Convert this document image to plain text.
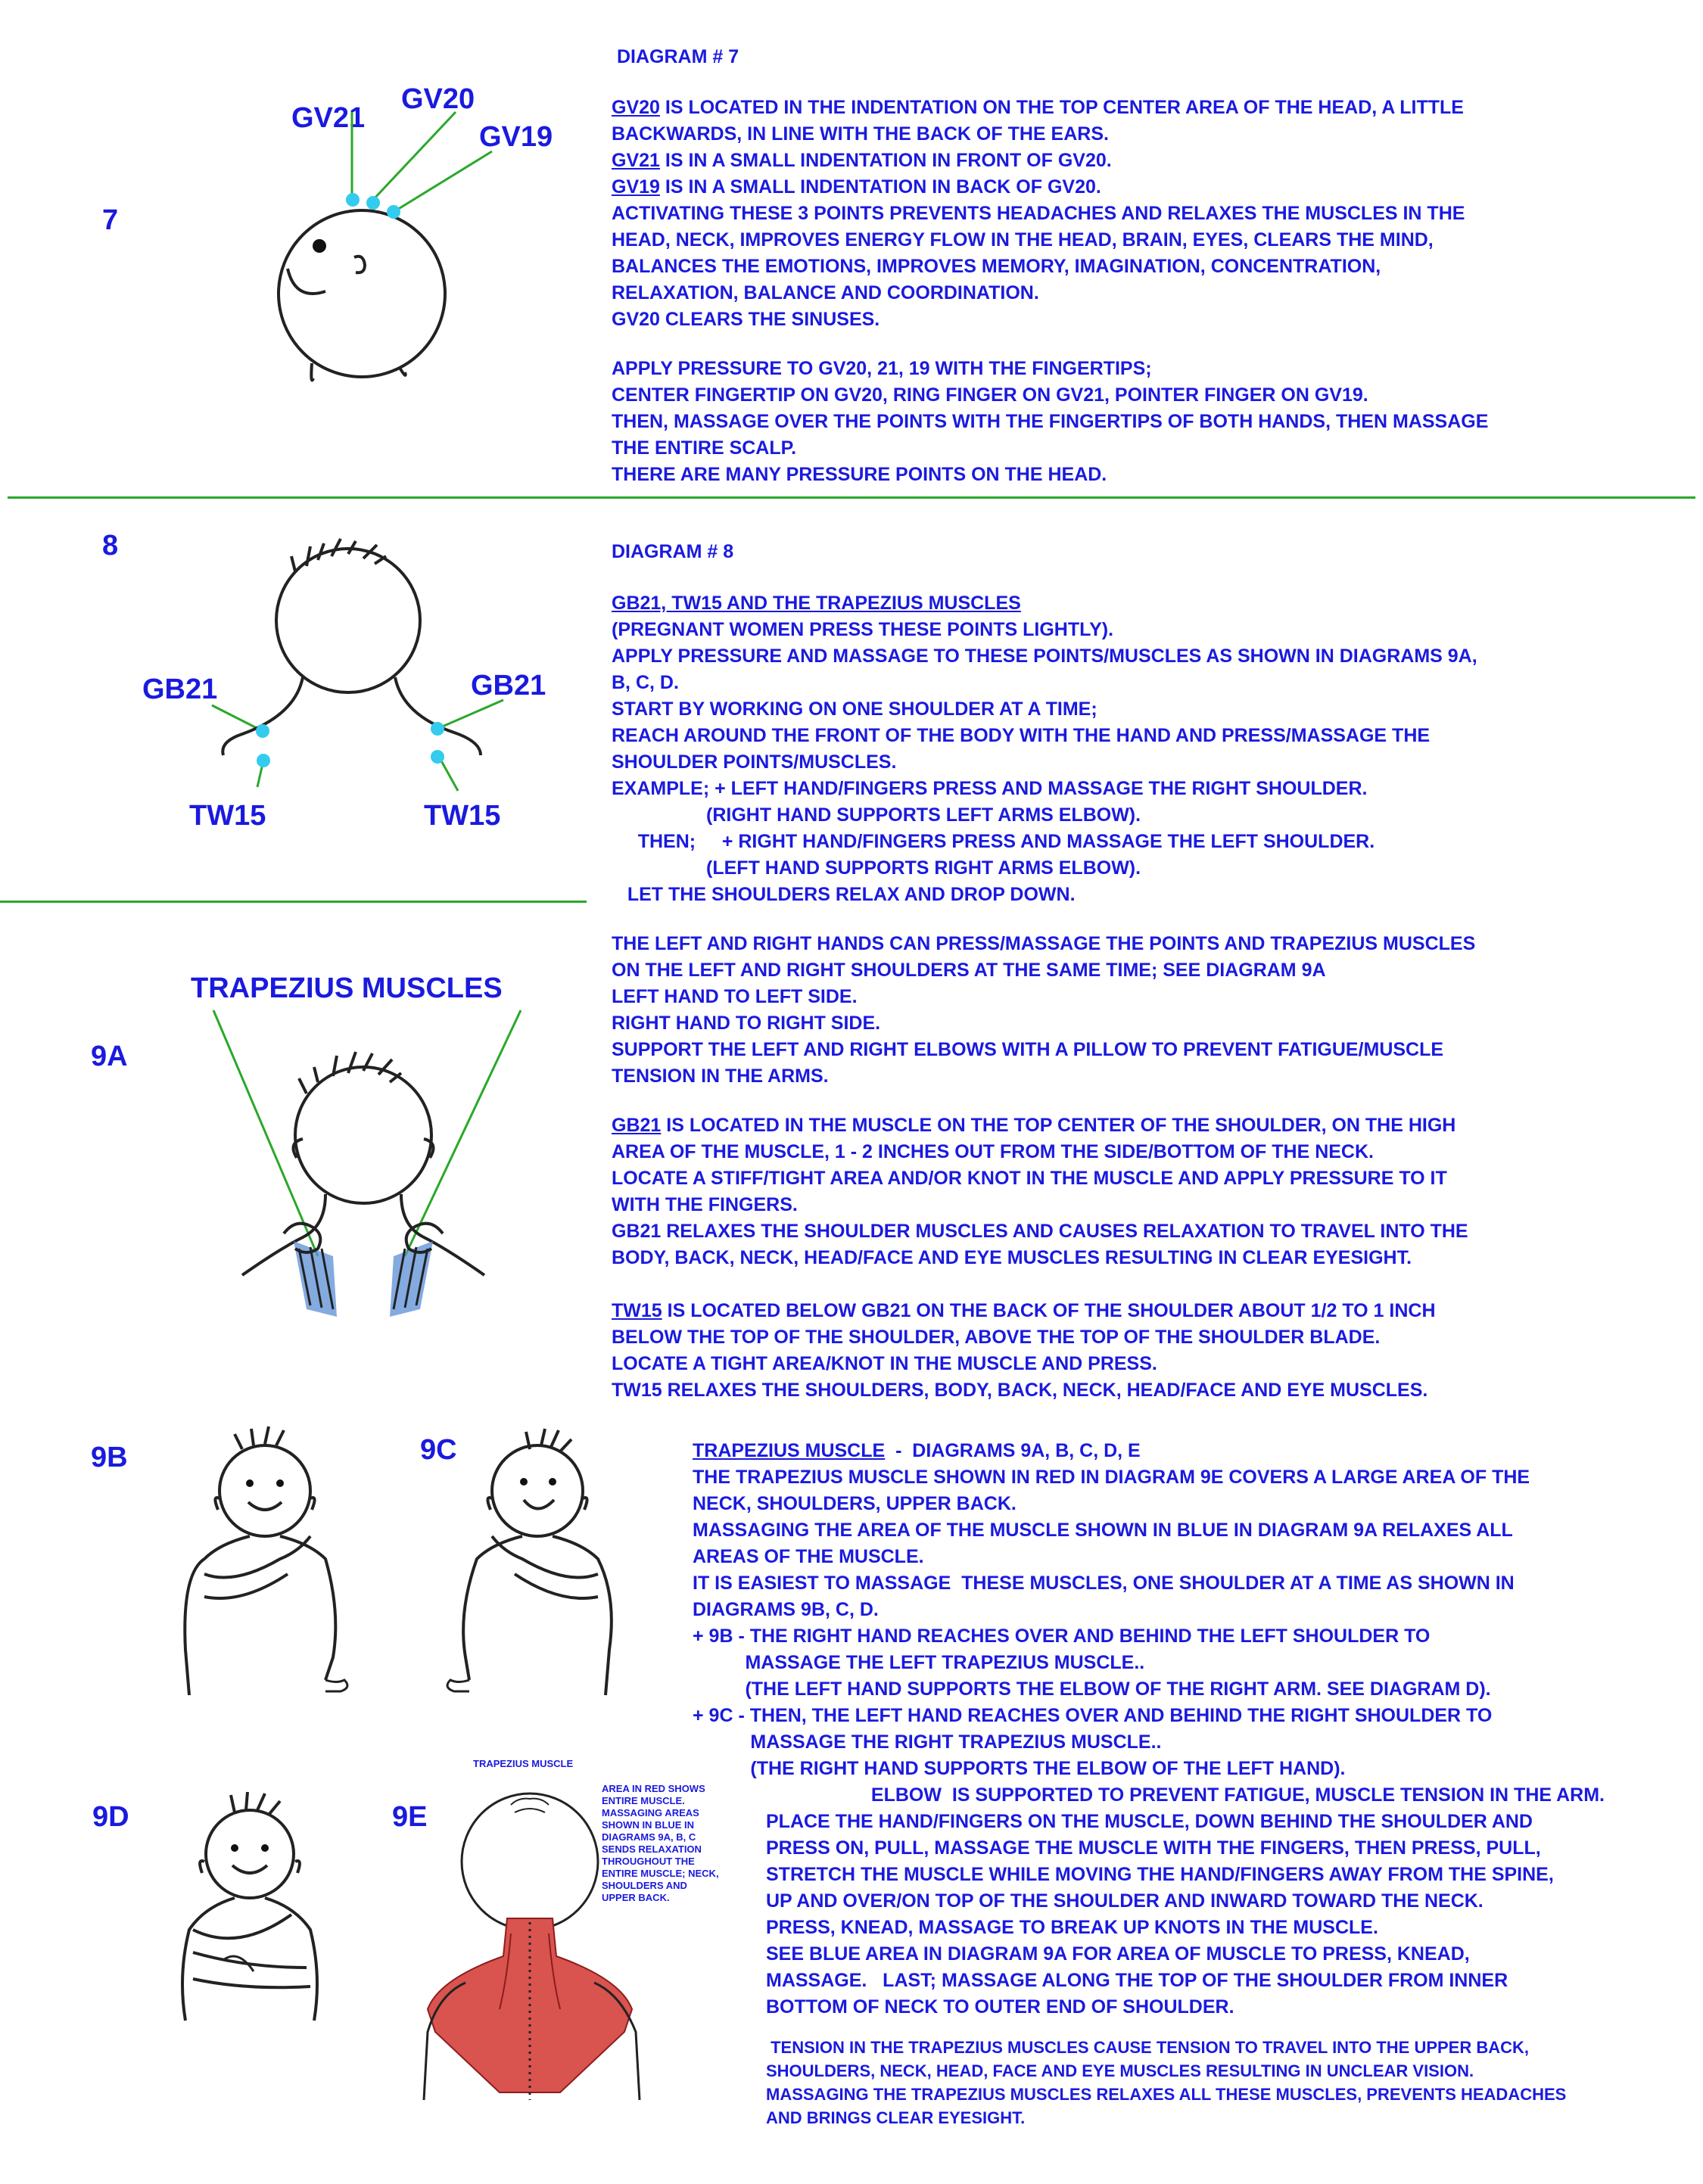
7
GV21
GV20
GV19
DIAGRAM # 7
GV20 IS LOCATED IN THE INDENTATION ON THE TOP CENTER AREA OF THE HEAD, A LITTLE
BACKWARDS, IN LINE WITH THE BACK OF THE EARS.
GV21 IS IN A SMALL INDENTATION IN FRONT OF GV20.
GV19 IS IN A SMALL INDENTATION IN BACK OF GV20.
ACTIVATING THESE 3 POINTS PREVENTS HEADACHES AND RELAXES THE MUSCLES IN THE
HEAD, NECK, IMPROVES ENERGY FLOW IN THE HEAD, BRAIN, EYES, CLEARS THE MIND,
BALANCES THE EMOTIONS, IMPROVES MEMORY, IMAGINATION, CONCENTRATION,
RELAXATION, BALANCE AND COORDINATION.
GV20 CLEARS THE SINUSES.
APPLY PRESSURE TO GV20, 21, 19 WITH THE FINGERTIPS;
CENTER FINGERTIP ON GV20, RING FINGER ON GV21, POINTER FINGER ON GV19.
THEN, MASSAGE OVER THE POINTS WITH THE FINGERTIPS OF BOTH HANDS, THEN MASSAGE
THE ENTIRE SCALP.
THERE ARE MANY PRESSURE POINTS ON THE HEAD.
8
GB21	GB21
TW15	TW15
DIAGRAM # 8
GB21, TW15 AND THE TRAPEZIUS MUSCLES
(PREGNANT WOMEN PRESS THESE POINTS LIGHTLY).
APPLY PRESSURE AND MASSAGE TO THESE POINTS/MUSCLES AS SHOWN IN DIAGRAMS 9A,
B, C, D.
START BY WORKING ON ONE SHOULDER AT A TIME;
REACH AROUND THE FRONT OF THE BODY WITH THE HAND AND PRESS/MASSAGE THE
SHOULDER POINTS/MUSCLES.
EXAMPLE; + LEFT HAND/FINGERS PRESS AND MASSAGE THE RIGHT SHOULDER.
(RIGHT HAND SUPPORTS LEFT ARMS ELBOW).
THEN;     + RIGHT HAND/FINGERS PRESS AND MASSAGE THE LEFT SHOULDER.
(LEFT HAND SUPPORTS RIGHT ARMS ELBOW).
LET THE SHOULDERS RELAX AND DROP DOWN.
9A
TRAPEZIUS MUSCLES
THE LEFT AND RIGHT HANDS CAN PRESS/MASSAGE THE POINTS AND TRAPEZIUS MUSCLES
ON THE LEFT AND RIGHT SHOULDERS AT THE SAME TIME; SEE DIAGRAM 9A
LEFT HAND TO LEFT SIDE.
RIGHT HAND TO RIGHT SIDE.
SUPPORT THE LEFT AND RIGHT ELBOWS WITH A PILLOW TO PREVENT FATIGUE/MUSCLE
TENSION IN THE ARMS.
GB21 IS LOCATED IN THE MUSCLE ON THE TOP CENTER OF THE SHOULDER, ON THE HIGH
AREA OF THE MUSCLE, 1 - 2 INCHES OUT FROM THE SIDE/BOTTOM OF THE NECK.
LOCATE A STIFF/TIGHT AREA AND/OR KNOT IN THE MUSCLE AND APPLY PRESSURE TO IT
WITH THE FINGERS.
GB21 RELAXES THE SHOULDER MUSCLES AND CAUSES RELAXATION TO TRAVEL INTO THE
BODY, BACK, NECK, HEAD/FACE AND EYE MUSCLES RESULTING IN CLEAR EYESIGHT.
TW15 IS LOCATED BELOW GB21 ON THE BACK OF THE SHOULDER ABOUT 1/2 TO 1 INCH
BELOW THE TOP OF THE SHOULDER, ABOVE THE TOP OF THE SHOULDER BLADE.
LOCATE A TIGHT AREA/KNOT IN THE MUSCLE AND PRESS.
TW15 RELAXES THE SHOULDERS, BODY, BACK, NECK, HEAD/FACE AND EYE MUSCLES.
9B	9C
9D	9E
TRAPEZIUS MUSCLE
AREA IN RED SHOWS
ENTIRE MUSCLE.
MASSAGING AREAS
SHOWN IN BLUE IN
DIAGRAMS 9A, B, C
SENDS RELAXATION
THROUGHOUT THE
ENTIRE MUSCLE; NECK,
SHOULDERS AND
UPPER BACK.
TRAPEZIUS MUSCLE  -  DIAGRAMS 9A, B, C, D, E
THE TRAPEZIUS MUSCLE SHOWN IN RED IN DIAGRAM 9E COVERS A LARGE AREA OF THE
NECK, SHOULDERS, UPPER BACK.
MASSAGING THE AREA OF THE MUSCLE SHOWN IN BLUE IN DIAGRAM 9A RELAXES ALL
AREAS OF THE MUSCLE.
IT IS EASIEST TO MASSAGE  THESE MUSCLES, ONE SHOULDER AT A TIME AS SHOWN IN
DIAGRAMS 9B, C, D.
+ 9B - THE RIGHT HAND REACHES OVER AND BEHIND THE LEFT SHOULDER TO
MASSAGE THE LEFT TRAPEZIUS MUSCLE..
(THE LEFT HAND SUPPORTS THE ELBOW OF THE RIGHT ARM. SEE DIAGRAM D).
+ 9C - THEN, THE LEFT HAND REACHES OVER AND BEHIND THE RIGHT SHOULDER TO
MASSAGE THE RIGHT TRAPEZIUS MUSCLE..
(THE RIGHT HAND SUPPORTS THE ELBOW OF THE LEFT HAND).
ELBOW  IS SUPPORTED TO PREVENT FATIGUE, MUSCLE TENSION IN THE ARM.
PLACE THE HAND/FINGERS ON THE MUSCLE, DOWN BEHIND THE SHOULDER AND
PRESS ON, PULL, MASSAGE THE MUSCLE WITH THE FINGERS, THEN PRESS, PULL,
STRETCH THE MUSCLE WHILE MOVING THE HAND/FINGERS AWAY FROM THE SPINE,
UP AND OVER/ON TOP OF THE SHOULDER AND INWARD TOWARD THE NECK.
PRESS, KNEAD, MASSAGE TO BREAK UP KNOTS IN THE MUSCLE.
SEE BLUE AREA IN DIAGRAM 9A FOR AREA OF MUSCLE TO PRESS, KNEAD,
MASSAGE.   LAST; MASSAGE ALONG THE TOP OF THE SHOULDER FROM INNER
BOTTOM OF NECK TO OUTER END OF SHOULDER.
TENSION IN THE TRAPEZIUS MUSCLES CAUSE TENSION TO TRAVEL INTO THE UPPER BACK,
SHOULDERS, NECK, HEAD, FACE AND EYE MUSCLES RESULTING IN UNCLEAR VISION.
MASSAGING THE TRAPEZIUS MUSCLES RELAXES ALL THESE MUSCLES, PREVENTS HEADACHES
AND BRINGS CLEAR EYESIGHT.
